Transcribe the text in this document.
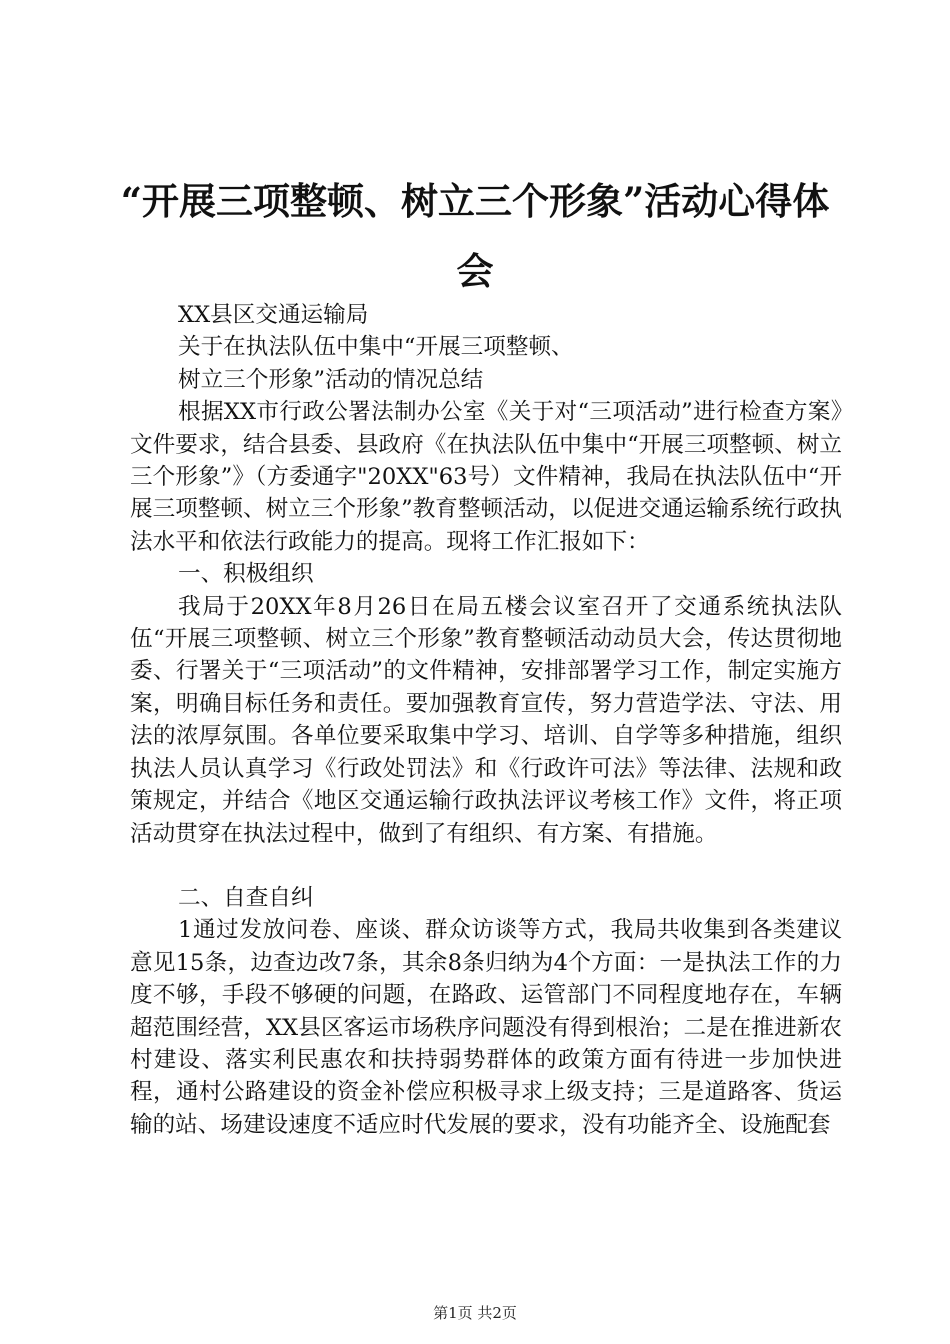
“开展三项整顿、树立三个形象”活动心得体会

XX县区交通运输局

关于在执法队伍中集中“开展三项整顿、

树立三个形象”活动的情况总结

根据XX市行政公署法制办公室《关于对“三项活动”进行检查方案》文件要求，结合县委、县政府《在执法队伍中集中“开展三项整顿、树立三个形象”》（方委通字"20XX"63号）文件精神，我局在执法队伍中“开展三项整顿、树立三个形象”教育整顿活动，以促进交通运输系统行政执法水平和依法行政能力的提高。现将工作汇报如下：

一、积极组织

我局于20XX年8月26日在局五楼会议室召开了交通系统执法队伍“开展三项整顿、树立三个形象”教育整顿活动动员大会，传达贯彻地委、行署关于“三项活动”的文件精神，安排部署学习工作，制定实施方案，明确目标任务和责任。要加强教育宣传，努力营造学法、守法、用法的浓厚氛围。各单位要采取集中学习、培训、自学等多种措施，组织执法人员认真学习《行政处罚法》和《行政许可法》等法律、法规和政策规定，并结合《地区交通运输行政执法评议考核工作》文件，将正项活动贯穿在执法过程中，做到了有组织、有方案、有措施。

二、自查自纠

1通过发放问卷、座谈、群众访谈等方式，我局共收集到各类建议意见15条，边查边改7条，其余8条归纳为4个方面：一是执法工作的力度不够，手段不够硬的问题，在路政、运管部门不同程度地存在，车辆超范围经营，XX县区客运市场秩序问题没有得到根治；二是在推进新农村建设、落实利民惠农和扶持弱势群体的政策方面有待进一步加快进程，通村公路建设的资金补偿应积极寻求上级支持；三是道路客、货运输的站、场建设速度不适应时代发展的要求，没有功能齐全、设施配套

第1页 共2页
